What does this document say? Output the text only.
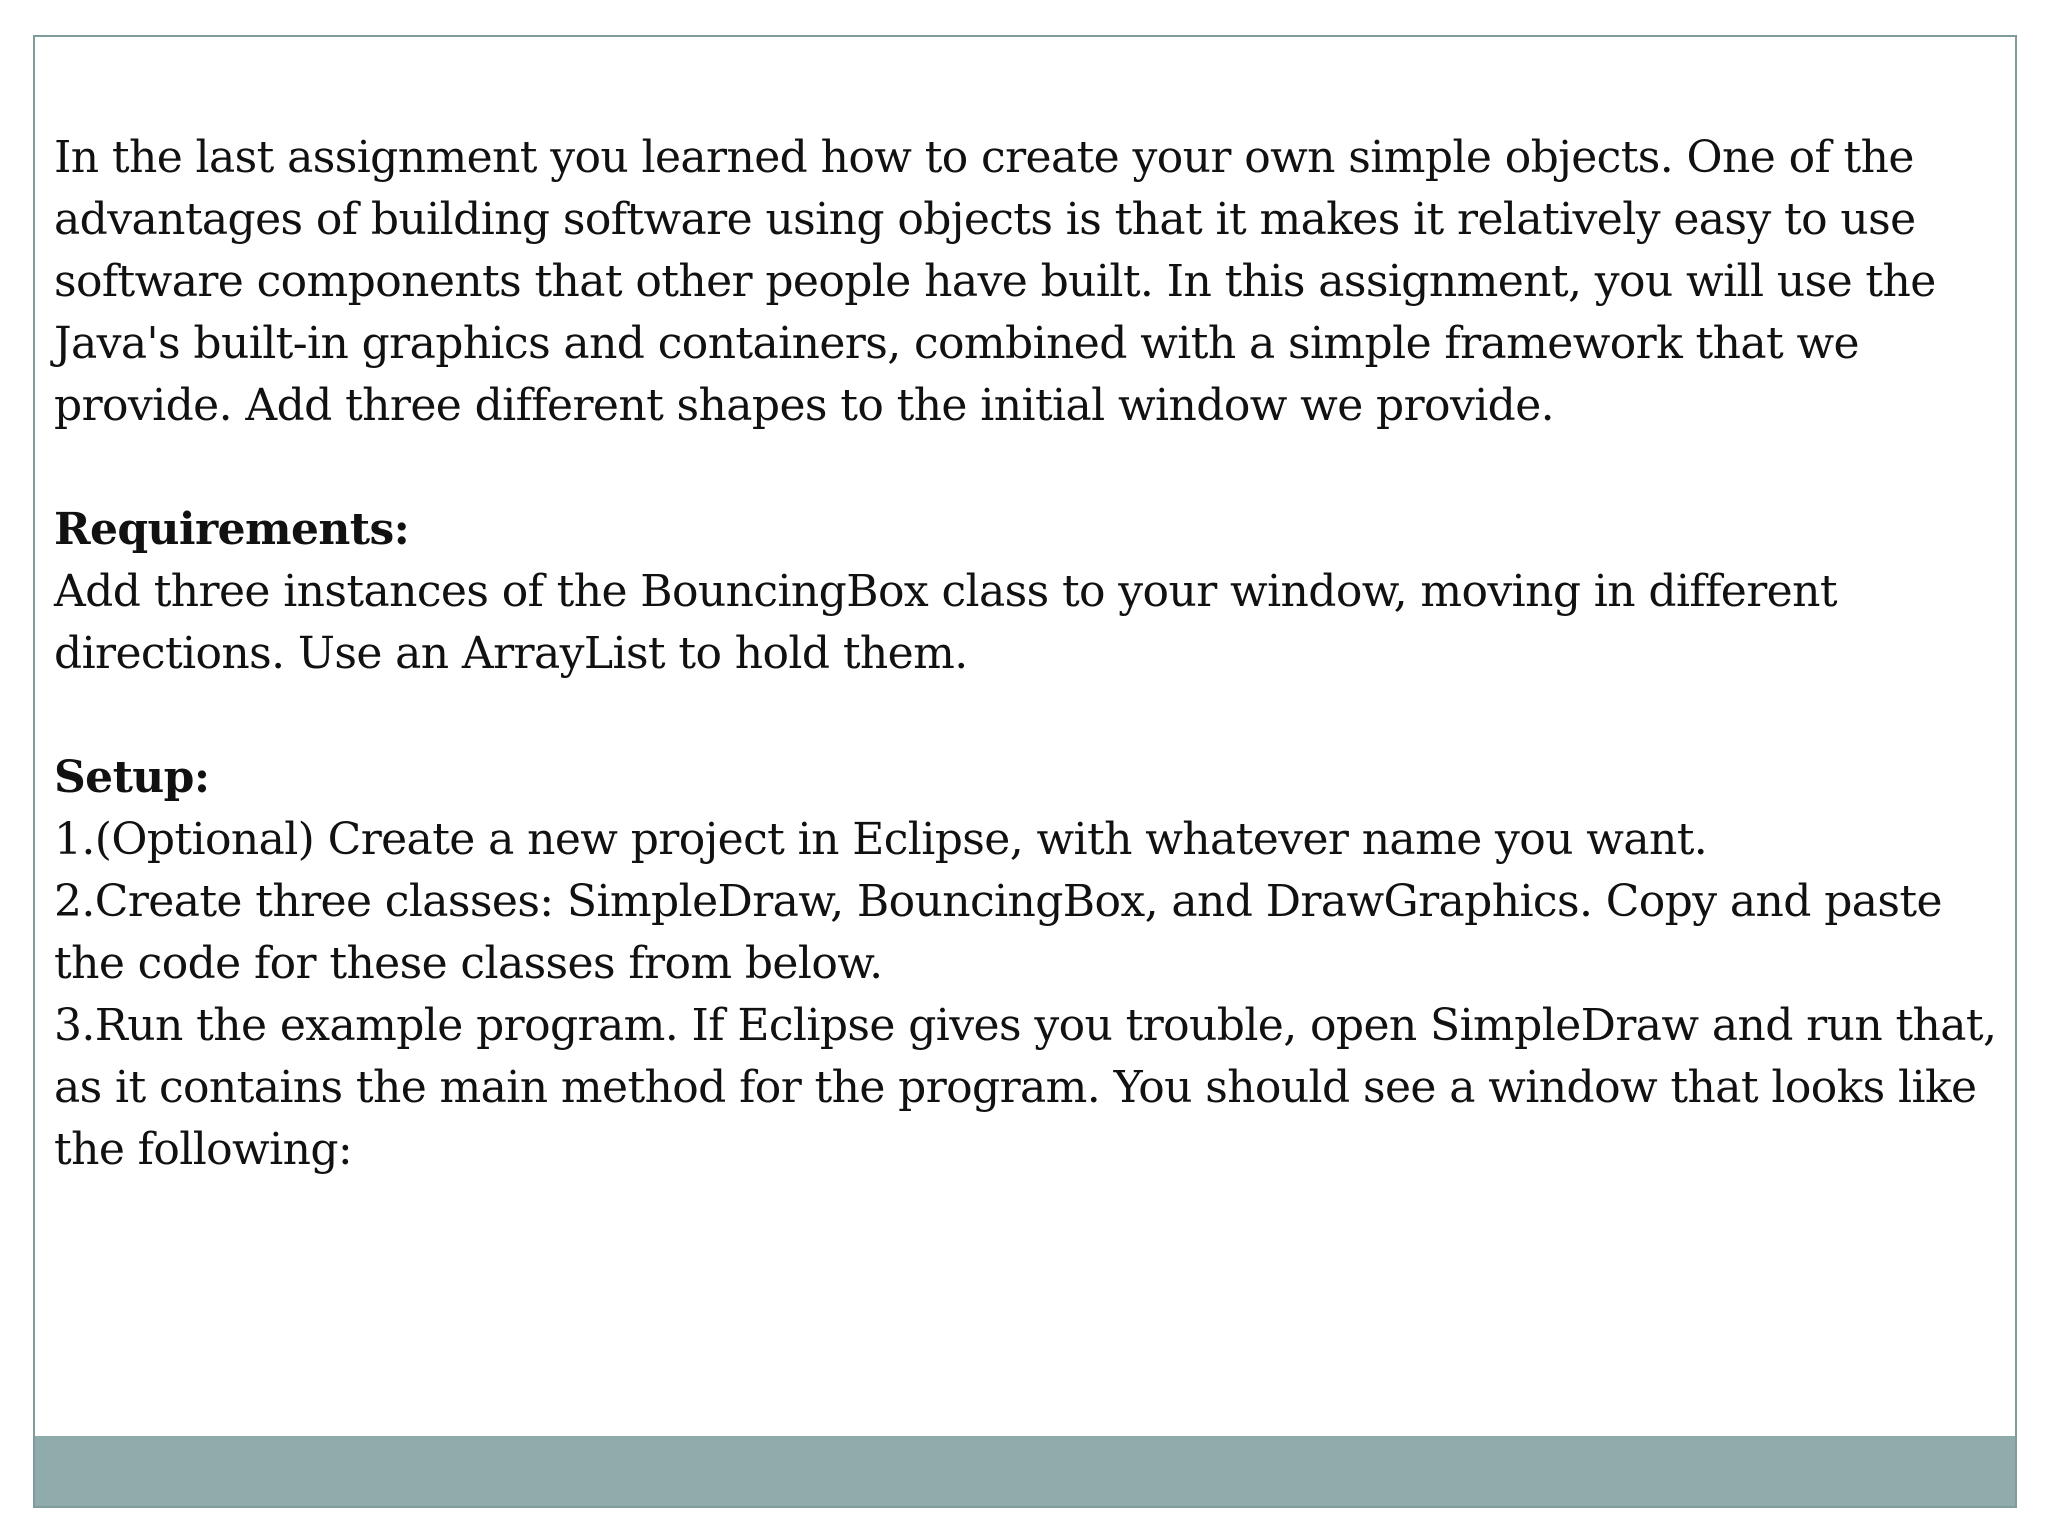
In the last assignment you learned how to create your own simple objects. One of the advantages of building software using objects is that it makes it relatively easy to use software components that other people have built. In this assignment, you will use the Java's built-in graphics and containers, combined with a simple framework that we provide. Add three different shapes to the initial window we provide.

Requirements:

Add three instances of the BouncingBox class to your window, moving in different directions. Use an ArrayList to hold them.

Setup:

1.(Optional) Create a new project in Eclipse, with whatever name you want.

2.Create three classes: SimpleDraw, BouncingBox, and DrawGraphics. Copy and paste the code for these classes from below.

3.Run the example program. If Eclipse gives you trouble, open SimpleDraw and run that, as it contains the main method for the program. You should see a window that looks like the following:
